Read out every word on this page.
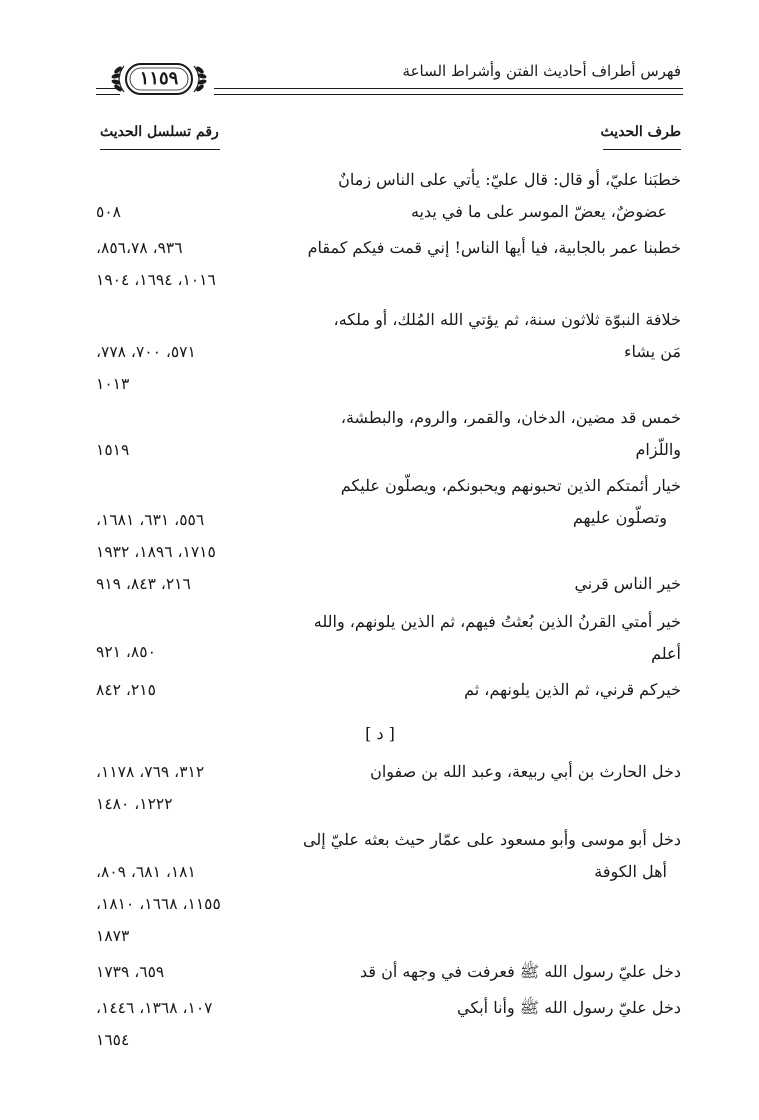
فهرس أطراف أحاديث الفتن وأشراط الساعة
١١٥٩
طرف الحديث
رقم تسلسل الحديث
خطبَنا عليّ، أو قال: قال عليّ: يأتي على الناس زمانٌ
عضوضٌ، يعضّ الموسر على ما في يديه
٥٠٨
خطبنا عمر بالجابية، فيا أيها الناس! إني قمت فيكم كمقام
٩٣٦، ٨٥٦،٧٨،
١٠١٦، ١٦٩٤، ١٩٠٤
خلافة النبوّة ثلاثون سنة، ثم يؤتي الله المُلك، أو ملكه،
مَن يشاء
٥٧١، ٧٠٠، ٧٧٨،
١٠١٣
خمس قد مضين، الدخان، والقمر، والروم، والبطشة،
واللّزام
١٥١٩
خيار أئمتكم الذين تحبونهم ويحبونكم، ويصلّون عليكم
وتصلّون عليهم
٥٥٦، ٦٣١، ١٦٨١،
١٧١٥، ١٨٩٦، ١٩٣٢
خير الناس قرني
٢١٦، ٨٤٣، ٩١٩
خير أمتي القرنُ الذين بُعثتُ فيهم، ثم الذين يلونهم، والله
أعلم
٨٥٠، ٩٢١
خيركم قرني، ثم الذين يلونهم، ثم
٢١٥، ٨٤٢
[ د ]
دخل الحارث بن أبي ربيعة، وعبد الله بن صفوان
٣١٢، ٧٦٩، ١١٧٨،
١٢٢٢، ١٤٨٠
دخل أبو موسى وأبو مسعود على عمّار حيث بعثه عليّ إلى
أهل الكوفة
١٨١، ٦٨١، ٨٠٩،
١١٥٥، ١٦٦٨، ١٨١٠،
١٨٧٣
دخل عليّ رسول الله ﷺ فعرفت في وجهه أن قد
٦٥٩، ١٧٣٩
دخل عليّ رسول الله ﷺ وأنا أبكي
١٠٧، ١٣٦٨، ١٤٤٦،
١٦٥٤
